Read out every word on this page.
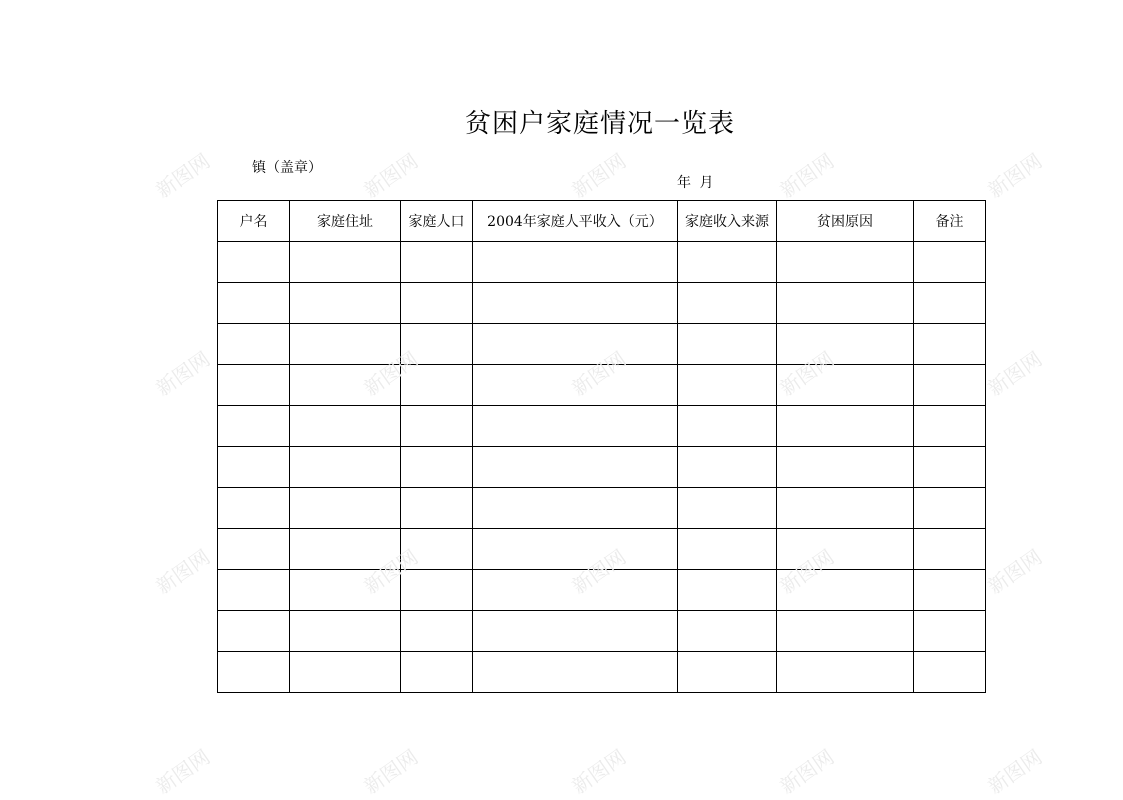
贫困户家庭情况一览表
镇（盖章）
年 月
户名	家庭住址	家庭人口	2004年家庭人平收入（元）	家庭收入来源	贫困原因	备注

新图网	新图网	新图网	新图网	新图网
新图网	新图网	新图网	新图网	新图网
新图网	新图网	新图网	新图网	新图网
新图网	新图网	新图网	新图网	新图网
